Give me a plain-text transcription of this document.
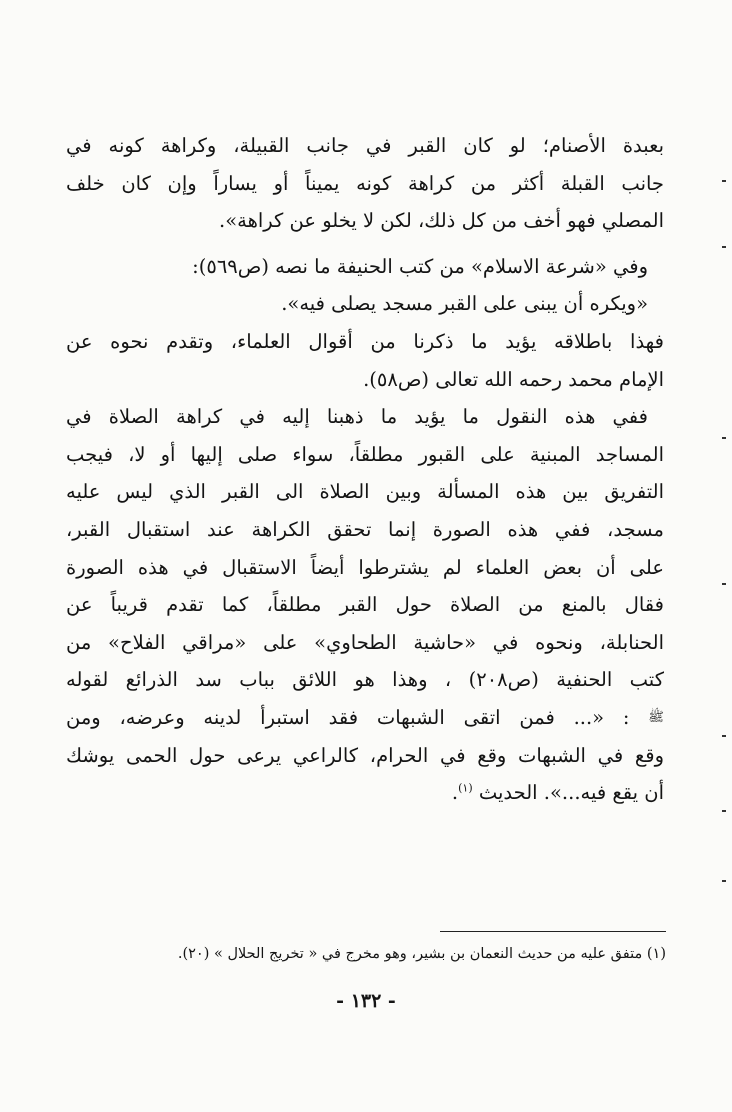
بعبدة الأصنام؛ لو كان القبر في جانب القبيلة، وكراهة كونه في
جانب القبلة أكثر من كراهة كونه يميناً أو يساراً وإن كان خلف
المصلي فهو أخف من كل ذلك، لكن لا يخلو عن كراهة».
وفي «شرعة الاسلام» من كتب الحنيفة ما نصه (ص٥٦٩):
«ويكره أن يبنى على القبر مسجد يصلى فيه».
فهذا باطلاقه يؤيد ما ذكرنا من أقوال العلماء، وتقدم نحوه عن
الإمام محمد رحمه الله تعالى (ص٥٨).
ففي هذه النقول ما يؤيد ما ذهبنا إليه في كراهة الصلاة في
المساجد المبنية على القبور مطلقاً، سواء صلى إليها أو لا، فيجب
التفريق بين هذه المسألة وبين الصلاة الى القبر الذي ليس عليه
مسجد، ففي هذه الصورة إنما تحقق الكراهة عند استقبال القبر،
على أن بعض العلماء لم يشترطوا أيضاً الاستقبال في هذه الصورة
فقال بالمنع من الصلاة حول القبر مطلقاً، كما تقدم قريباً عن
الحنابلة، ونحوه في «حاشية الطحاوي» على «مراقي الفلاح» من
كتب الحنفية (ص٢٠٨) ، وهذا هو اللائق بباب سد الذرائع لقوله
$^ﷺ$ : «... فمن اتقى الشبهات فقد استبرأ لدينه وعرضه، ومن
وقع في الشبهات وقع في الحرام، كالراعي يرعى حول الحمى يوشك
أن يقع فيه...». الحديث $^{(١)}$.
(١) متفق عليه من حديث النعمان بن بشير، وهو مخرج في « تخريج الحلال » (٢٠).
- ١٣٢ -
